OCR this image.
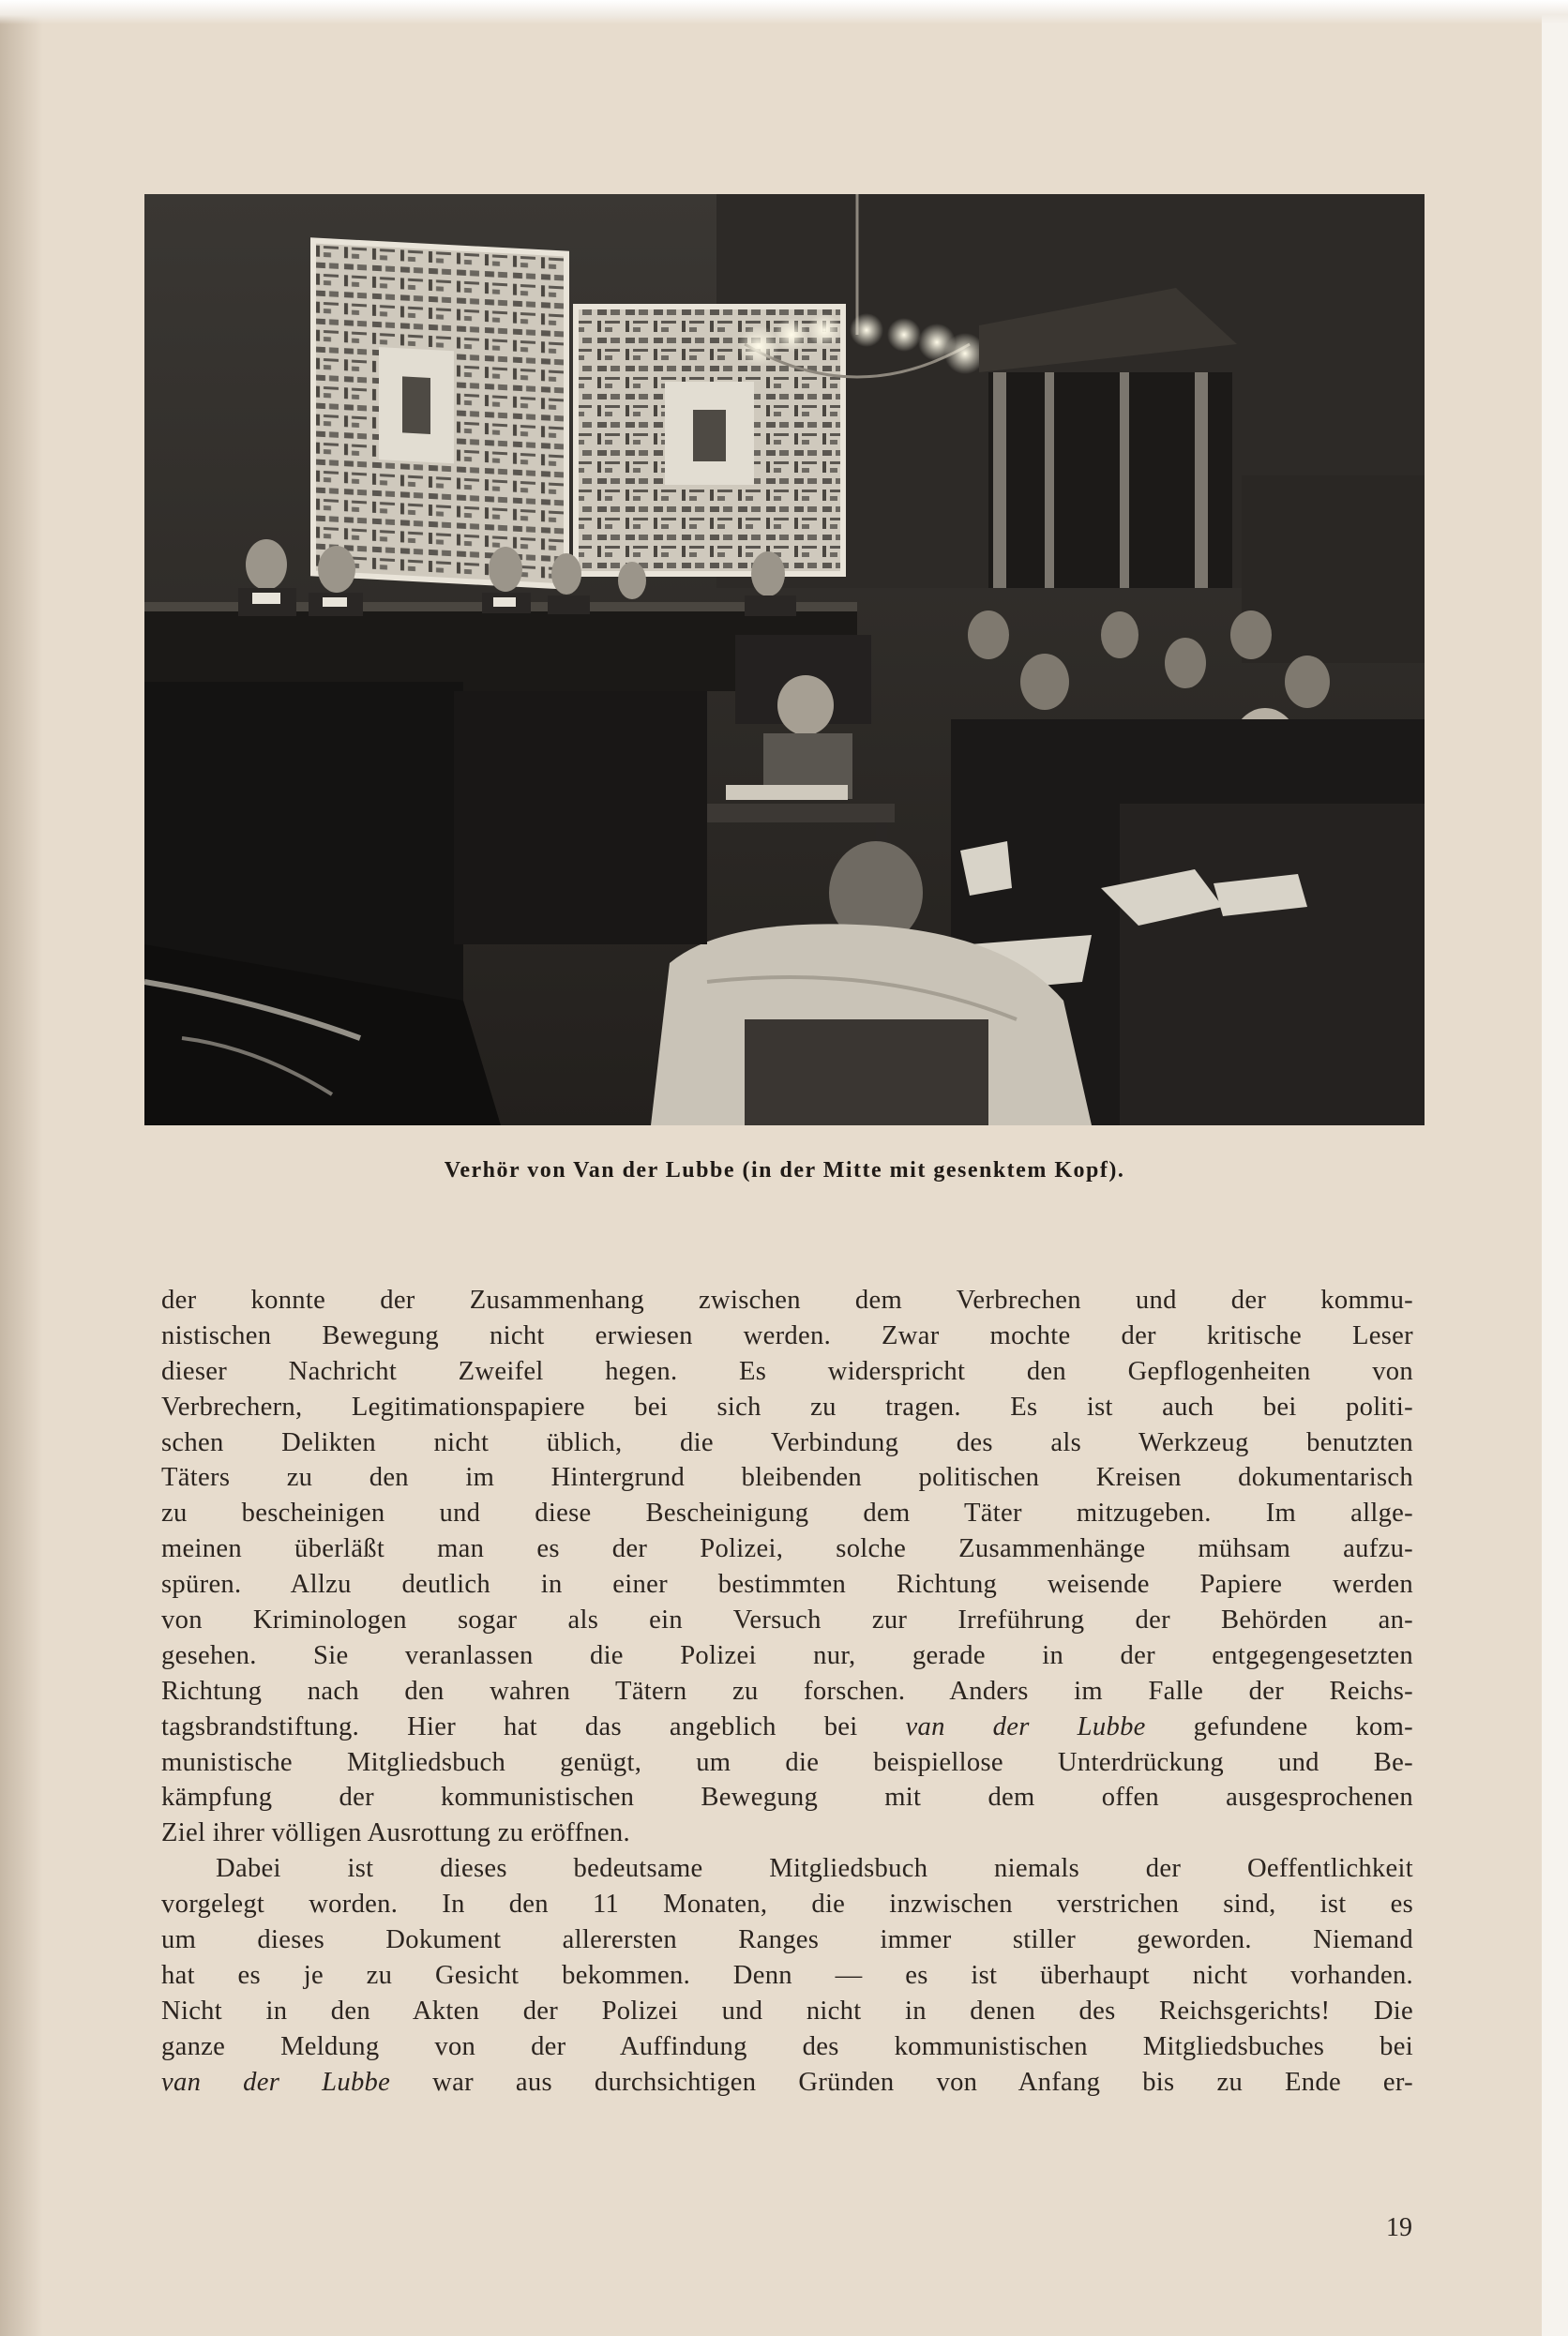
Verhör von Van der Lubbe (in der Mitte mit gesenktem Kopf).
der konnte der Zusammenhang zwischen dem Verbrechen und der kommu-
nistischen Bewegung nicht erwiesen werden. Zwar mochte der kritische Leser
dieser Nachricht Zweifel hegen. Es widerspricht den Gepflogenheiten von
Verbrechern, Legitimationspapiere bei sich zu tragen. Es ist auch bei politi-
schen Delikten nicht üblich, die Verbindung des als Werkzeug benutzten
Täters zu den im Hintergrund bleibenden politischen Kreisen dokumentarisch
zu bescheinigen und diese Bescheinigung dem Täter mitzugeben. Im allge-
meinen überläßt man es der Polizei, solche Zusammenhänge mühsam aufzu-
spüren. Allzu deutlich in einer bestimmten Richtung weisende Papiere werden
von Kriminologen sogar als ein Versuch zur Irreführung der Behörden an-
gesehen. Sie veranlassen die Polizei nur, gerade in der entgegengesetzten
Richtung nach den wahren Tätern zu forschen. Anders im Falle der Reichs-
tagsbrandstiftung. Hier hat das angeblich bei van der Lubbe gefundene kom-
munistische Mitgliedsbuch genügt, um die beispiellose Unterdrückung und Be-
kämpfung der kommunistischen Bewegung mit dem offen ausgesprochenen
Ziel ihrer völligen Ausrottung zu eröffnen.
Dabei ist dieses bedeutsame Mitgliedsbuch niemals der Oeffentlichkeit
vorgelegt worden. In den 11 Monaten, die inzwischen verstrichen sind, ist es
um dieses Dokument allerersten Ranges immer stiller geworden. Niemand
hat es je zu Gesicht bekommen. Denn — es ist überhaupt nicht vorhanden.
Nicht in den Akten der Polizei und nicht in denen des Reichsgerichts! Die
ganze Meldung von der Auffindung des kommunistischen Mitgliedsbuches bei
van der Lubbe war aus durchsichtigen Gründen von Anfang bis zu Ende er-
19
